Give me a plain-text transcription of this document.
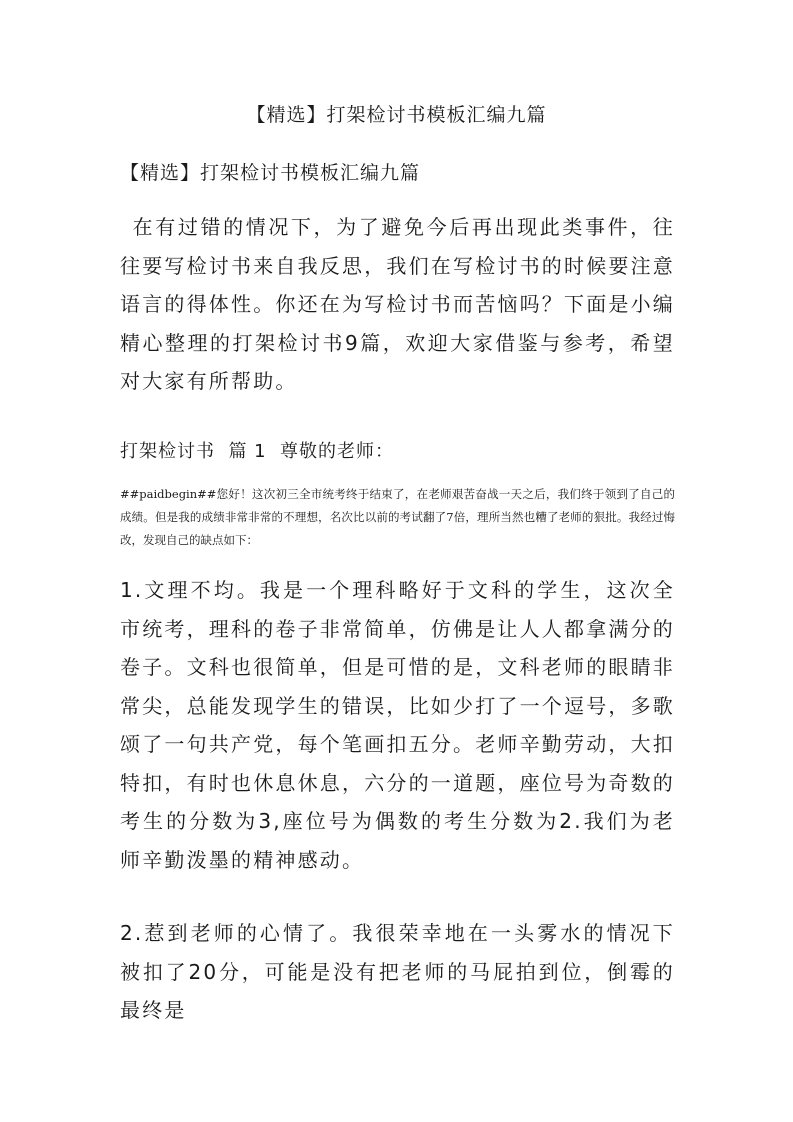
【精选】打架检讨书模板汇编九篇
【精选】打架检讨书模板汇编九篇

 在有过错的情况下，为了避免今后再出现此类事件，往往要写检讨书来自我反思，我们在写检讨书的时候要注意语言的得体性。你还在为写检讨书而苦恼吗？下面是小编精心整理的打架检讨书9篇，欢迎大家借鉴与参考，希望对大家有所帮助。

打架检讨书  篇 1  尊敬的老师：

##paidbegin##您好！这次初三全市统考终于结束了，在老师艰苦奋战一天之后，我们终于领到了自己的成绩。但是我的成绩非常非常的不理想，名次比以前的考试翻了7倍，理所当然也糟了老师的狠批。我经过悔改，发现自己的缺点如下：

1.文理不均。我是一个理科略好于文科的学生，这次全市统考，理科的卷子非常简单，仿佛是让人人都拿满分的卷子。文科也很简单，但是可惜的是，文科老师的眼睛非常尖，总能发现学生的错误，比如少打了一个逗号，多歌颂了一句共产党，每个笔画扣五分。老师辛勤劳动，大扣特扣，有时也休息休息，六分的一道题，座位号为奇数的考生的分数为3,座位号为偶数的考生分数为2.我们为老师辛勤泼墨的精神感动。

2.惹到老师的心情了。我很荣幸地在一头雾水的情况下被扣了20分，可能是没有把老师的马屁拍到位，倒霉的最终是
